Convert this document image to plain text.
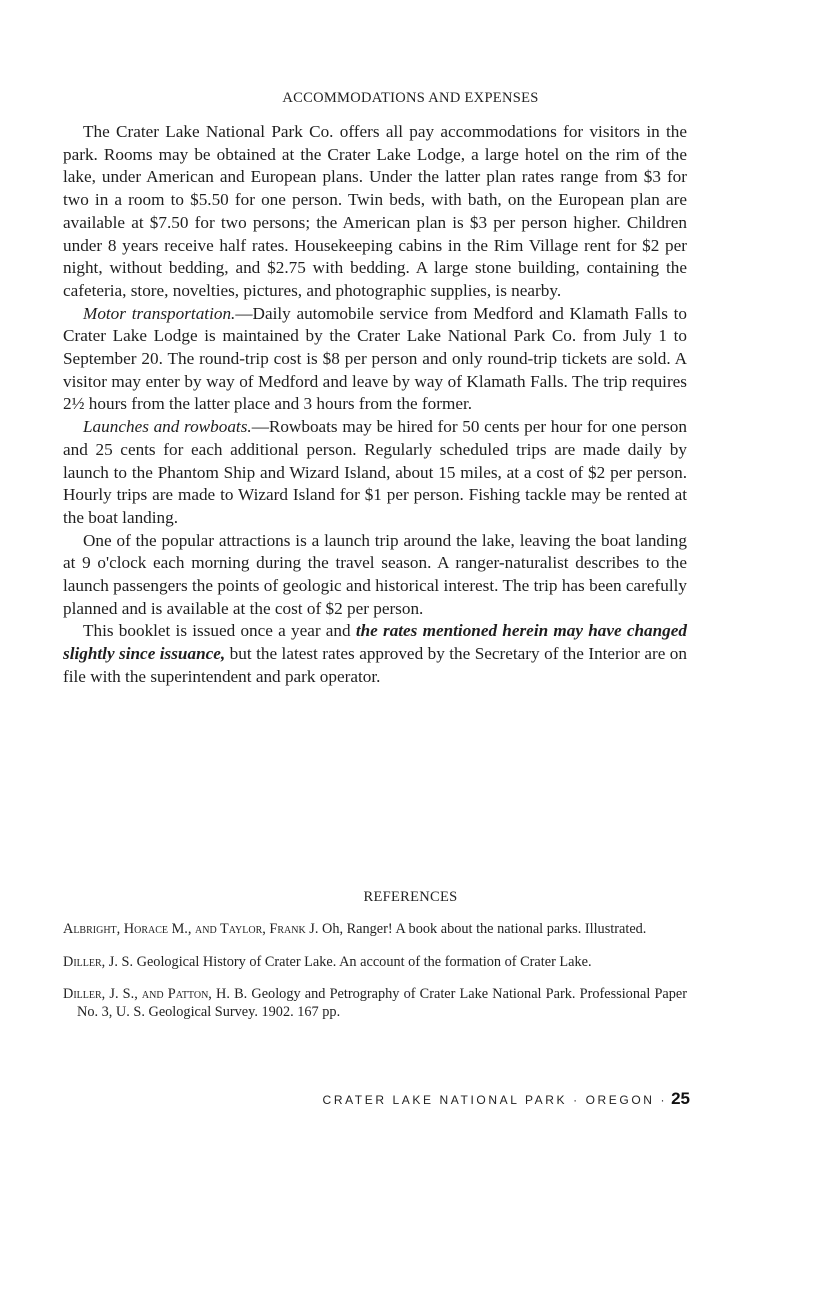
ACCOMMODATIONS AND EXPENSES

The Crater Lake National Park Co. offers all pay accommodations for visitors in the park. Rooms may be obtained at the Crater Lake Lodge, a large hotel on the rim of the lake, under American and European plans. Under the latter plan rates range from $3 for two in a room to $5.50 for one person. Twin beds, with bath, on the European plan are available at $7.50 for two persons; the American plan is $3 per person higher. Children under 8 years receive half rates. Housekeeping cabins in the Rim Village rent for $2 per night, without bedding, and $2.75 with bedding. A large stone building, containing the cafeteria, store, novelties, pictures, and photographic supplies, is nearby.

Motor transportation.—Daily automobile service from Medford and Klamath Falls to Crater Lake Lodge is maintained by the Crater Lake National Park Co. from July 1 to September 20. The round-trip cost is $8 per person and only round-trip tickets are sold. A visitor may enter by way of Medford and leave by way of Klamath Falls. The trip requires 2½ hours from the latter place and 3 hours from the former.

Launches and rowboats.—Rowboats may be hired for 50 cents per hour for one person and 25 cents for each additional person. Regularly scheduled trips are made daily by launch to the Phantom Ship and Wizard Island, about 15 miles, at a cost of $2 per person. Hourly trips are made to Wizard Island for $1 per person. Fishing tackle may be rented at the boat landing.

One of the popular attractions is a launch trip around the lake, leaving the boat landing at 9 o'clock each morning during the travel season. A ranger-naturalist describes to the launch passengers the points of geologic and historical interest. The trip has been carefully planned and is available at the cost of $2 per person.

This booklet is issued once a year and the rates mentioned herein may have changed slightly since issuance, but the latest rates approved by the Secretary of the Interior are on file with the superintendent and park operator.

REFERENCES
Albright, Horace M., and Taylor, Frank J. Oh, Ranger! A book about the national parks. Illustrated.
Diller, J. S. Geological History of Crater Lake. An account of the formation of Crater Lake.
Diller, J. S., and Patton, H. B. Geology and Petrography of Crater Lake National Park. Professional Paper No. 3, U. S. Geological Survey. 1902. 167 pp.
CRATER LAKE NATIONAL PARK · OREGON · 25
